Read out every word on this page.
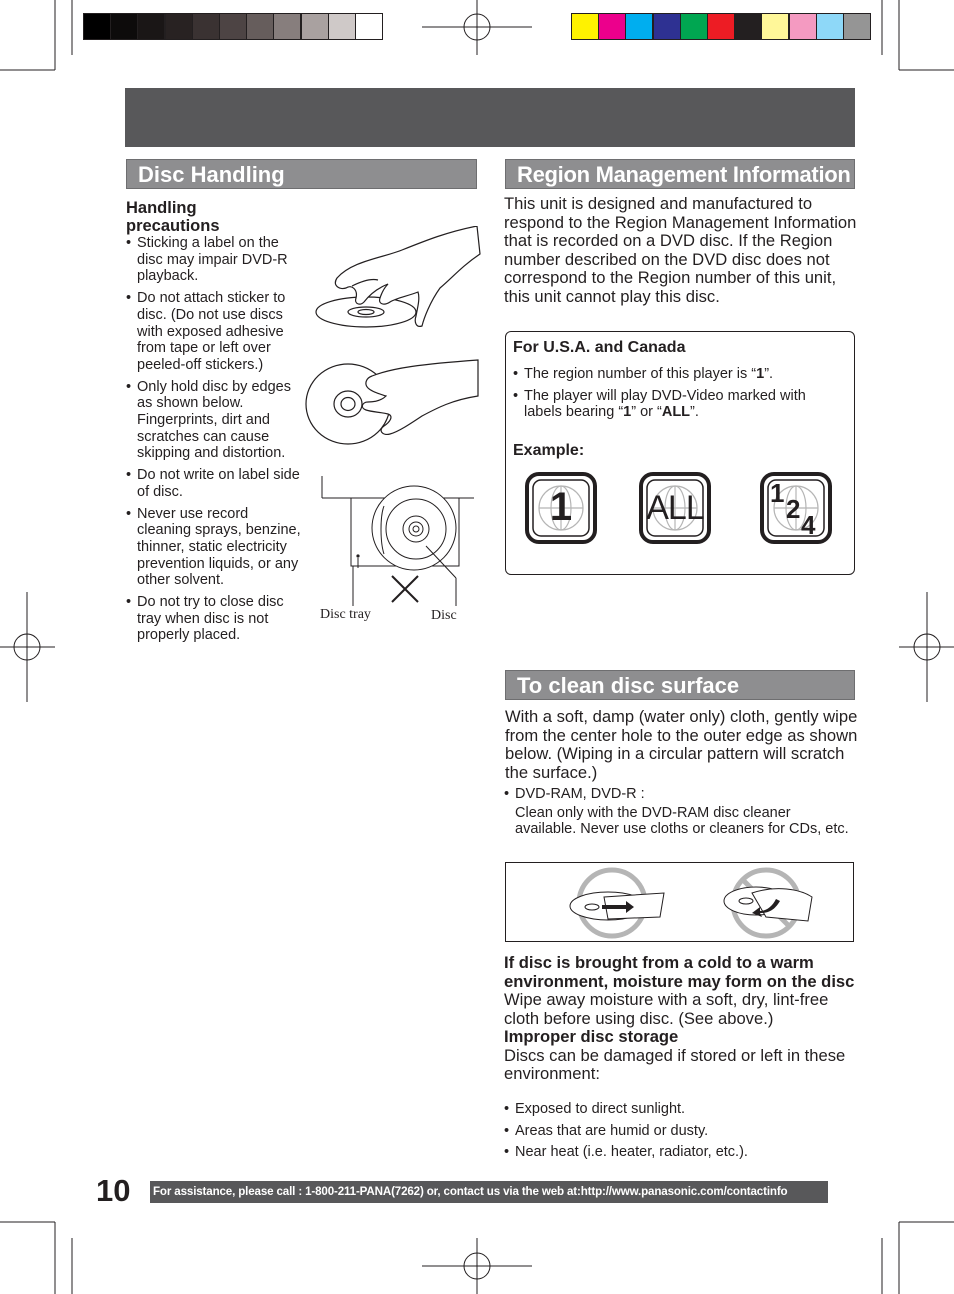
Disc Handling
Handling
precautions
• Sticking a label on the disc may impair DVD-R playback.
• Do not attach sticker to disc. (Do not use discs with exposed adhesive from tape or left over peeled-off stickers.)
• Only hold disc by edges as shown below. Fingerprints, dirt and scratches can cause skipping and distortion.
• Do not write on label side of disc.
• Never use record cleaning sprays, benzine, thinner, static electricity prevention liquids, or any other solvent.
• Do not try to close disc tray when disc is not properly placed.
Disc tray	Disc
Region Management Information
This unit is designed and manufactured to respond to the Region Management Information that is recorded on a DVD disc. If the Region number described on the DVD disc does not correspond to the Region number of this unit, this unit cannot play this disc.
For U.S.A. and Canada
• The region number of this player is “1”.
• The player will play DVD-Video marked with labels bearing “1” or “ALL”.
Example:
1	ALL	1
2
4
To clean disc surface
With a soft, damp (water only) cloth, gently wipe from the center hole to the outer edge as shown below. (Wiping in a circular pattern will scratch the surface.)
• DVD-RAM, DVD-R :
Clean only with the DVD-RAM disc cleaner available. Never use cloths or cleaners for CDs, etc.
If disc is brought from a cold to a warm environment, moisture may form on the disc
Wipe away moisture with a soft, dry, lint-free cloth before using disc. (See above.)
Improper disc storage
Discs can be damaged if stored or left in these environment:
• Exposed to direct sunlight.
• Areas that are humid or dusty.
• Near heat (i.e. heater, radiator, etc.).
10 For assistance, please call : 1-800-211-PANA(7262) or, contact us via the web at:http://www.panasonic.com/contactinfo
